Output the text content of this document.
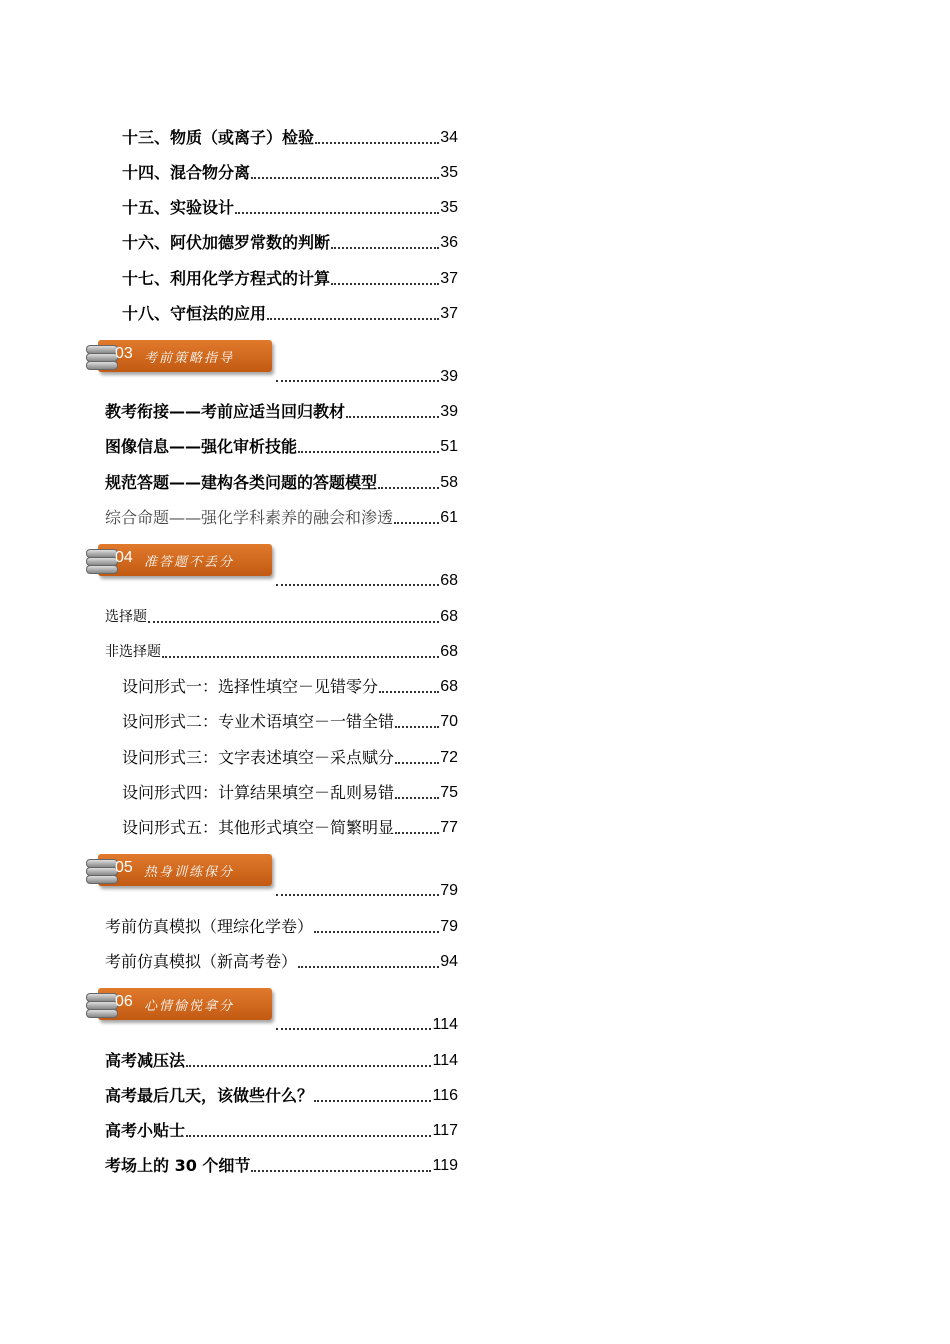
十三、物质（或离子）检验	34
十四、混合物分离	35
十五、实验设计	35
十六、阿伏加德罗常数的判断	36
十七、利用化学方程式的计算	37
十八、守恒法的应用	37
03 考前策略指导
39
教考衔接——考前应适当回归教材	39
图像信息——强化审析技能	51
规范答题——建构各类问题的答题模型	58
综合命题——强化学科素养的融会和渗透	61
04 准答题不丢分
68
选择题	68
非选择题	68
设问形式一：选择性填空－见错零分	68
设问形式二：专业术语填空－一错全错	70
设问形式三：文字表述填空－采点赋分	72
设问形式四：计算结果填空－乱则易错	75
设问形式五：其他形式填空－简繁明显	77
05 热身训练保分
79
考前仿真模拟（理综化学卷）	79
考前仿真模拟（新高考卷）	94
06 心情愉悦拿分
114
高考减压法	114
高考最后几天，该做些什么？	116
高考小贴士	117
考场上的 30 个细节	119
